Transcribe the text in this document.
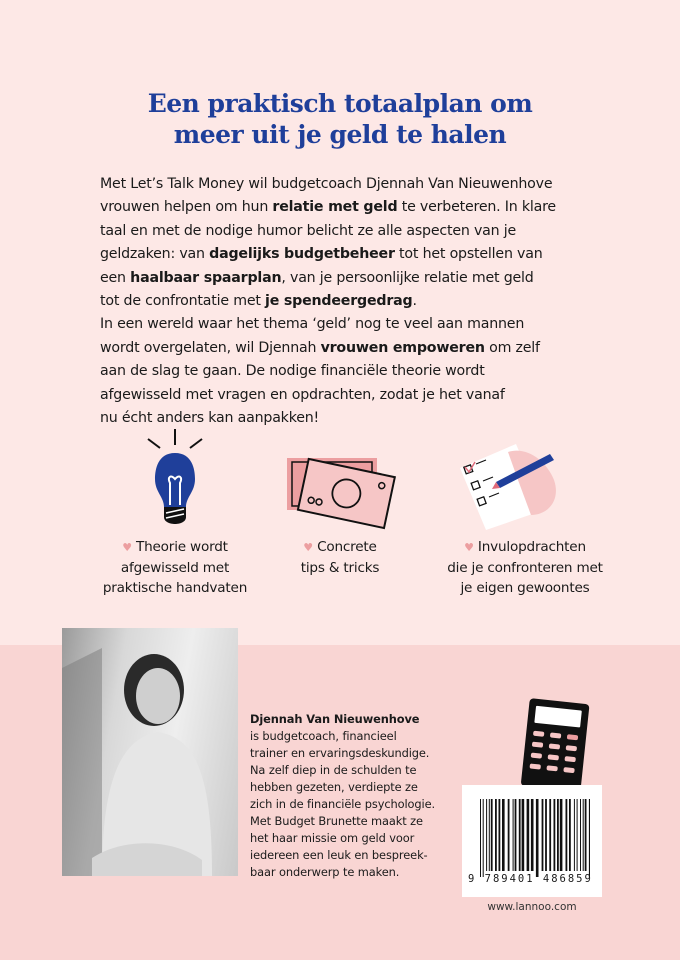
Een praktisch totaalplan om
meer uit je geld te halen
Met Let’s Talk Money wil budgetcoach Djennah Van Nieuwenhove
vrouwen helpen om hun relatie met geld te verbeteren. In klare
taal en met de nodige humor belicht ze alle aspecten van je
geldzaken: van dagelijks budgetbeheer tot het opstellen van
een haalbaar spaarplan, van je persoonlijke relatie met geld
tot de confrontatie met je spendeergedrag.
In een wereld waar het thema ‘geld’ nog te veel aan mannen
wordt overgelaten, wil Djennah vrouwen empoweren om zelf
aan de slag te gaan. De nodige financiële theorie wordt
afgewisseld met vragen en opdrachten, zodat je het vanaf
nu écht anders kan aanpakken!
♥ Theorie wordt
afgewisseld met
praktische handvaten
♥ Concrete
tips & tricks
♥ Invulopdrachten
die je confronteren met
je eigen gewoontes
Djennah Van Nieuwenhove
is budgetcoach, financieel
trainer en ervaringsdeskundige.
Na zelf diep in de schulden te
hebben gezeten, verdiepte ze
zich in de financiële psychologie.
Met Budget Brunette maakt ze
het haar missie om geld voor
iedereen een leuk en bespreek-
baar onderwerp te maken.	9 789401 486859
www.lannoo.com
